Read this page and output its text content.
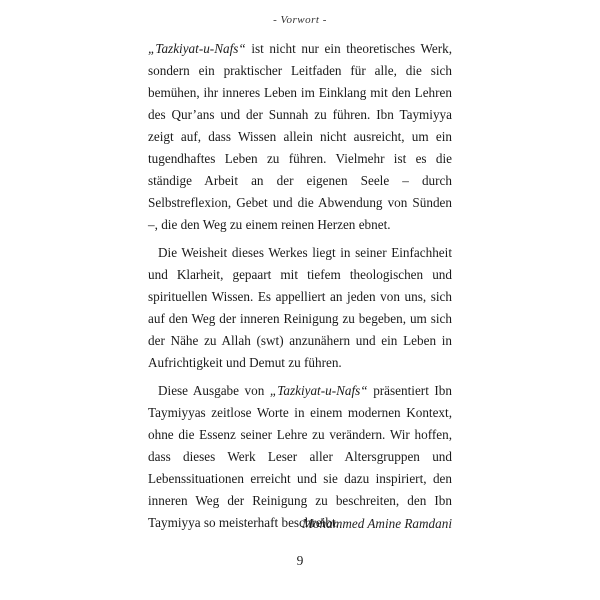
- Vorwort -

„Tazkiyat-u-Nafs“ ist nicht nur ein theoretisches Werk, sondern ein praktischer Leitfaden für alle, die sich bemühen, ihr inneres Leben im Einklang mit den Lehren des Qur’ans und der Sunnah zu führen. Ibn Taymiyya zeigt auf, dass Wissen allein nicht ausreicht, um ein tugendhaftes Leben zu führen. Vielmehr ist es die ständige Arbeit an der eigenen Seele – durch Selbstreflexion, Gebet und die Abwendung von Sünden –, die den Weg zu einem reinen Herzen ebnet.

Die Weisheit dieses Werkes liegt in seiner Einfachheit und Klarheit, gepaart mit tiefem theologischen und spirituellen Wissen. Es appelliert an jeden von uns, sich auf den Weg der inneren Reinigung zu begeben, um sich der Nähe zu Allah (swt) anzunähern und ein Leben in Aufrichtigkeit und Demut zu führen.

Diese Ausgabe von „Tazkiyat-u-Nafs“ präsentiert Ibn Taymiyyas zeitlose Worte in einem modernen Kontext, ohne die Essenz seiner Lehre zu verändern. Wir hoffen, dass dieses Werk Leser aller Altersgruppen und Lebenssituationen erreicht und sie dazu inspiriert, den inneren Weg der Reinigung zu beschreiten, den Ibn Taymiyya so meisterhaft beschreibt.

Mohammed Amine Ramdani
9
